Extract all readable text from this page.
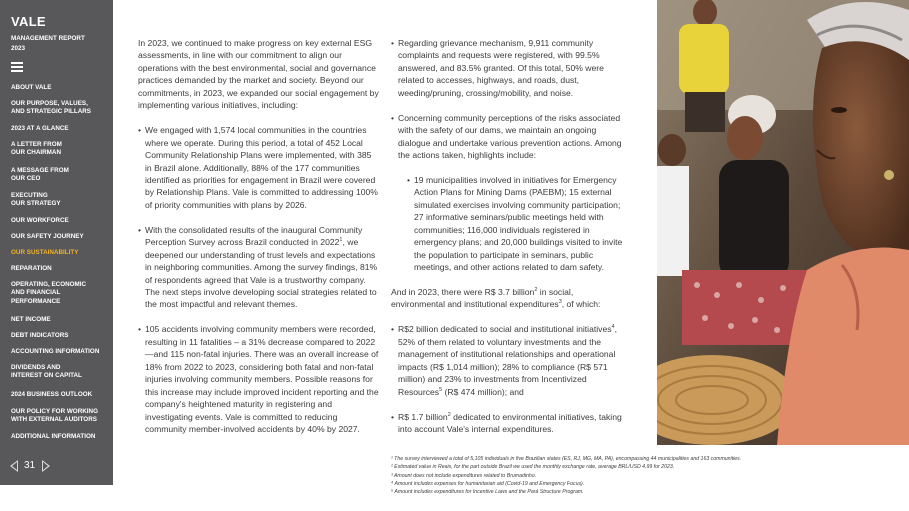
VALE
MANAGEMENT REPORT
2023
ABOUT VALE
OUR PURPOSE, VALUES,
AND STRATEGIC PILLARS
2023 AT A GLANCE
A LETTER FROM
OUR CHAIRMAN
A MESSAGE FROM
OUR CEO
EXECUTING
OUR STRATEGY
OUR WORKFORCE
OUR SAFETY JOURNEY
OUR SUSTAINABILITY
REPARATION
OPERATING, ECONOMIC
AND FINANCIAL
PERFORMANCE
NET INCOME
DEBT INDICATORS
ACCOUNTING INFORMATION
DIVIDENDS AND
INTEREST ON CAPITAL
2024 BUSINESS OUTLOOK
OUR POLICY FOR WORKING
WITH EXTERNAL AUDITORS
ADDITIONAL INFORMATION
31

In 2023, we continued to make progress on key external ESG assessments, in line with our commitment to align our operations with the best environmental, social and governance practices demanded by the market and society. Beyond our commitments, in 2023, we expanded our social engagement by implementing various initiatives, including:

• We engaged with 1,574 local communities in the countries where we operate. During this period, a total of 452 Local Community Relationship Plans were implemented, with 385 in Brazil alone. Additionally, 88% of the 177 communities identified as priorities for engagement in Brazil were covered by Relationship Plans. Vale is committed to addressing 100% of priority communities with plans by 2026.

• With the consolidated results of the inaugural Community Perception Survey across Brazil conducted in 2022$^1$, we deepened our understanding of trust levels and expectations in neighboring communities. Among the survey findings, 81% of respondents agreed that Vale is a trustworthy company. The next steps involve developing social strategies related to the most impactful and relevant themes.

• 105 accidents involving community members were recorded, resulting in 11 fatalities – a 31% decrease compared to 2022—and 115 non-fatal injuries. There was an overall increase of 18% from 2022 to 2023, considering both fatal and non-fatal injuries involving community members. Possible reasons for this increase may include improved incident reporting and the company's heightened maturity in registering and investigating events. Vale is committed to reducing community member-involved accidents by 40% by 2027.

• Regarding grievance mechanism, 9,911 community complaints and requests were registered, with 99.5% answered, and 83.5% granted. Of this total, 50% were related to accesses, highways, and roads, dust, weeding/pruning, crossing/mobility, and noise.

• Concerning community perceptions of the risks associated with the safety of our dams, we maintain an ongoing dialogue and undertake various prevention actions. Among the actions taken, highlights include:

• 19 municipalities involved in initiatives for Emergency Action Plans for Mining Dams (PAEBM); 15 external simulated exercises involving community participation; 27 informative seminars/public meetings held with communities; 116,000 individuals registered in emergency plans; and 20,000 buildings visited to invite the population to participate in seminars, public meetings, and other actions related to dam safety.

And in 2023, there were R$ 3.7 billion$^2$ in social, environmental and institutional expenditures$^3$, of which:

• R$2 billion dedicated to social and institutional initiatives$^4$, 52% of them related to voluntary investments and the management of institutional relationships and operational impacts (R$ 1,014 million); 28% to compliance (R$ 571 million) and 23% to investments from Incentivized Resources$^5$ (R$ 474 million); and

• R$ 1.7 billion$^2$ dedicated to environmental initiatives, taking into account Vale's internal expenditures.

¹ The survey interviewed a total of 5,105 individuals in five Brazilian states (ES, RJ, MG, MA, PA), encompassing 44 municipalities and 163 communities.
² Estimated value in Reais, for the part outside Brazil we used the monthly exchange rate, average BRL/USD 4.99 for 2023.
³ Amount does not include expenditures related to Brumadinho.
⁴ Amount includes expenses for humanitarian aid (Covid-19 and Emergency Focus).
⁵ Amount includes expenditures for Incentive Laws and the Pará Structure Program.
